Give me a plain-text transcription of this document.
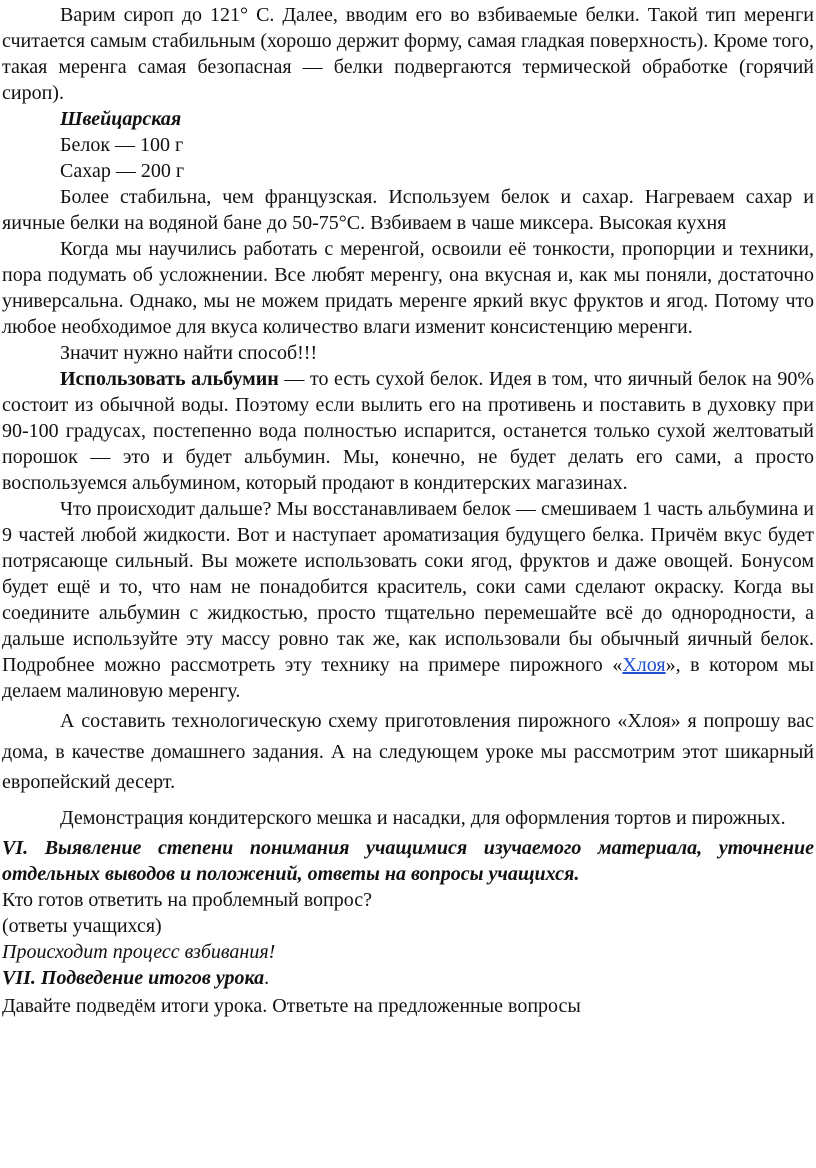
Варим сироп до 121° С. Далее, вводим его во взбиваемые белки. Такой тип меренги считается самым стабильным (хорошо держит форму, самая гладкая поверхность). Кроме того, такая меренга самая безопасная — белки подвергаются термической обработке (горячий сироп).

Швейцарская

Белок — 100 г

Сахар — 200 г

Более стабильна, чем французская. Используем белок и сахар. Нагреваем сахар и яичные белки на водяной бане до 50-75°С. Взбиваем в чаше миксера. Высокая кухня

Когда мы научились работать с меренгой, освоили её тонкости, пропорции и техники, пора подумать об усложнении. Все любят меренгу, она вкусная и, как мы поняли, достаточно универсальна. Однако, мы не можем придать меренге яркий вкус фруктов и ягод. Потому что любое необходимое для вкуса количество влаги изменит консистенцию меренги.

Значит нужно найти способ!!!

Использовать альбумин — то есть сухой белок. Идея в том, что яичный белок на 90% состоит из обычной воды. Поэтому если вылить его на противень и поставить в духовку при 90-100 градусах, постепенно вода полностью испарится, останется только сухой желтоватый порошок — это и будет альбумин. Мы, конечно, не будет делать его сами, а просто воспользуемся альбумином, который продают в кондитерских магазинах.

Что происходит дальше? Мы восстанавливаем белок — смешиваем 1 часть альбумина и 9 частей любой жидкости. Вот и наступает ароматизация будущего белка. Причём вкус будет потрясающе сильный. Вы можете использовать соки ягод, фруктов и даже овощей. Бонусом будет ещё и то, что нам не понадобится краситель, соки сами сделают окраску. Когда вы соедините альбумин с жидкостью, просто тщательно перемешайте всё до однородности, а дальше используйте эту массу ровно так же, как использовали бы обычный яичный белок. Подробнее можно рассмотреть эту технику на примере пирожного «Хлоя», в котором мы делаем малиновую меренгу.

А составить технологическую схему приготовления пирожного «Хлоя» я попрошу вас дома, в качестве домашнего задания. А на следующем уроке мы рассмотрим этот шикарный европейский десерт.

Демонстрация кондитерского мешка и насадки, для оформления тортов и пирожных.

VI. Выявление степени понимания учащимися изучаемого материала, уточнение отдельных выводов и положений, ответы на вопросы учащихся.

Кто готов ответить на проблемный вопрос?

(ответы учащихся)

Происходит процесс взбивания!

VII. Подведение итогов урока.

Давайте подведём итоги урока. Ответьте на предложенные вопросы
